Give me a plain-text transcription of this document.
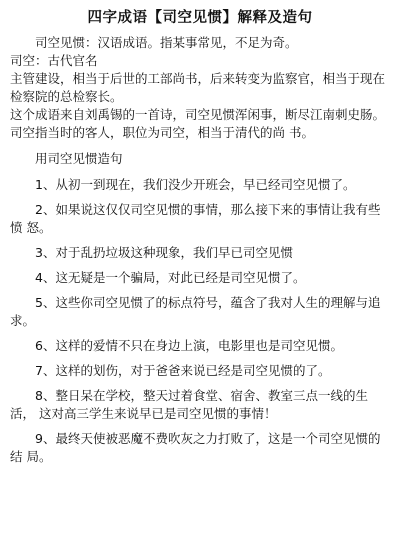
四字成语【司空见惯】解释及造句

司空见惯：汉语成语。指某事常见，不足为奇。

司空：古代官名

主管建设，相当于后世的工部尚书，后来转变为监察官，相当于现在 检察院的总检察长。

这个成语来自刘禹锡的一首诗，司空见惯浑闲事，断尽江南刺史肠。司空指当时的客人，职位为司空，相当于清代的尚 书。

用司空见惯造句

1、从初一到现在，我们没少开班会，早已经司空见惯了。

2、如果说这仅仅司空见惯的事情，那么接下来的事情让我有些愤 怒。

3、对于乱扔垃圾这种现象，我们早已司空见惯

4、这无疑是一个骗局，对此已经是司空见惯了。

5、这些你司空见惯了的标点符号，蕴含了我对人生的理解与追求。

6、这样的爱情不只在身边上演，电影里也是司空见惯。

7、这样的划伤，对于爸爸来说已经是司空见惯的了。

8、整日呆在学校，整天过着食堂、宿舍、教室三点一线的生活， 这对高三学生来说早已是司空见惯的事情！

9、最终天使被恶魔不费吹灰之力打败了，这是一个司空见惯的结 局。
